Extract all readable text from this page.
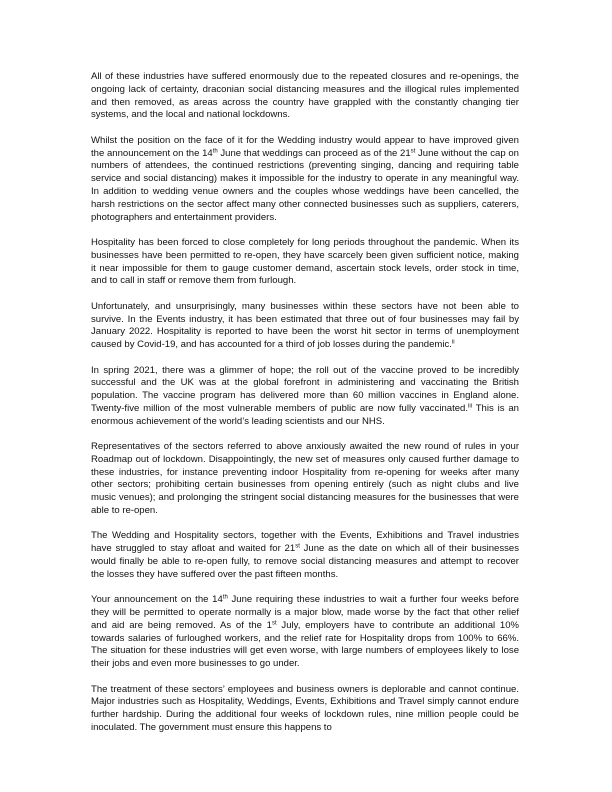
All of these industries have suffered enormously due to the repeated closures and re-openings, the ongoing lack of certainty, draconian social distancing measures and the illogical rules implemented and then removed, as areas across the country have grappled with the constantly changing tier systems, and the local and national lockdowns.

Whilst the position on the face of it for the Wedding industry would appear to have improved given the announcement on the 14th June that weddings can proceed as of the 21st June without the cap on numbers of attendees, the continued restrictions (preventing singing, dancing and requiring table service and social distancing) makes it impossible for the industry to operate in any meaningful way. In addition to wedding venue owners and the couples whose weddings have been cancelled, the harsh restrictions on the sector affect many other connected businesses such as suppliers, caterers, photographers and entertainment providers.

Hospitality has been forced to close completely for long periods throughout the pandemic. When its businesses have been permitted to re-open, they have scarcely been given sufficient notice, making it near impossible for them to gauge customer demand, ascertain stock levels, order stock in time, and to call in staff or remove them from furlough.

Unfortunately, and unsurprisingly, many businesses within these sectors have not been able to survive. In the Events industry, it has been estimated that three out of four businesses may fail by January 2022. Hospitality is reported to have been the worst hit sector in terms of unemployment caused by Covid-19, and has accounted for a third of job losses during the pandemic.$^{ii}$

In spring 2021, there was a glimmer of hope; the roll out of the vaccine proved to be incredibly successful and the UK was at the global forefront in administering and vaccinating the British population. The vaccine program has delivered more than 60 million vaccines in England alone. Twenty-five million of the most vulnerable members of public are now fully vaccinated.$^{iii}$ This is an enormous achievement of the world’s leading scientists and our NHS.

Representatives of the sectors referred to above anxiously awaited the new round of rules in your Roadmap out of lockdown. Disappointingly, the new set of measures only caused further damage to these industries, for instance preventing indoor Hospitality from re-opening for weeks after many other sectors; prohibiting certain businesses from opening entirely (such as night clubs and live music venues); and prolonging the stringent social distancing measures for the businesses that were able to re-open.

The Wedding and Hospitality sectors, together with the Events, Exhibitions and Travel industries have struggled to stay afloat and waited for 21st June as the date on which all of their businesses would finally be able to re-open fully, to remove social distancing measures and attempt to recover the losses they have suffered over the past fifteen months.

Your announcement on the 14th June requiring these industries to wait a further four weeks before they will be permitted to operate normally is a major blow, made worse by the fact that other relief and aid are being removed. As of the 1st July, employers have to contribute an additional 10% towards salaries of furloughed workers, and the relief rate for Hospitality drops from 100% to 66%. The situation for these industries will get even worse, with large numbers of employees likely to lose their jobs and even more businesses to go under.

The treatment of these sectors’ employees and business owners is deplorable and cannot continue. Major industries such as Hospitality, Weddings, Events, Exhibitions and Travel simply cannot endure further hardship. During the additional four weeks of lockdown rules, nine million people could be inoculated. The government must ensure this happens to
